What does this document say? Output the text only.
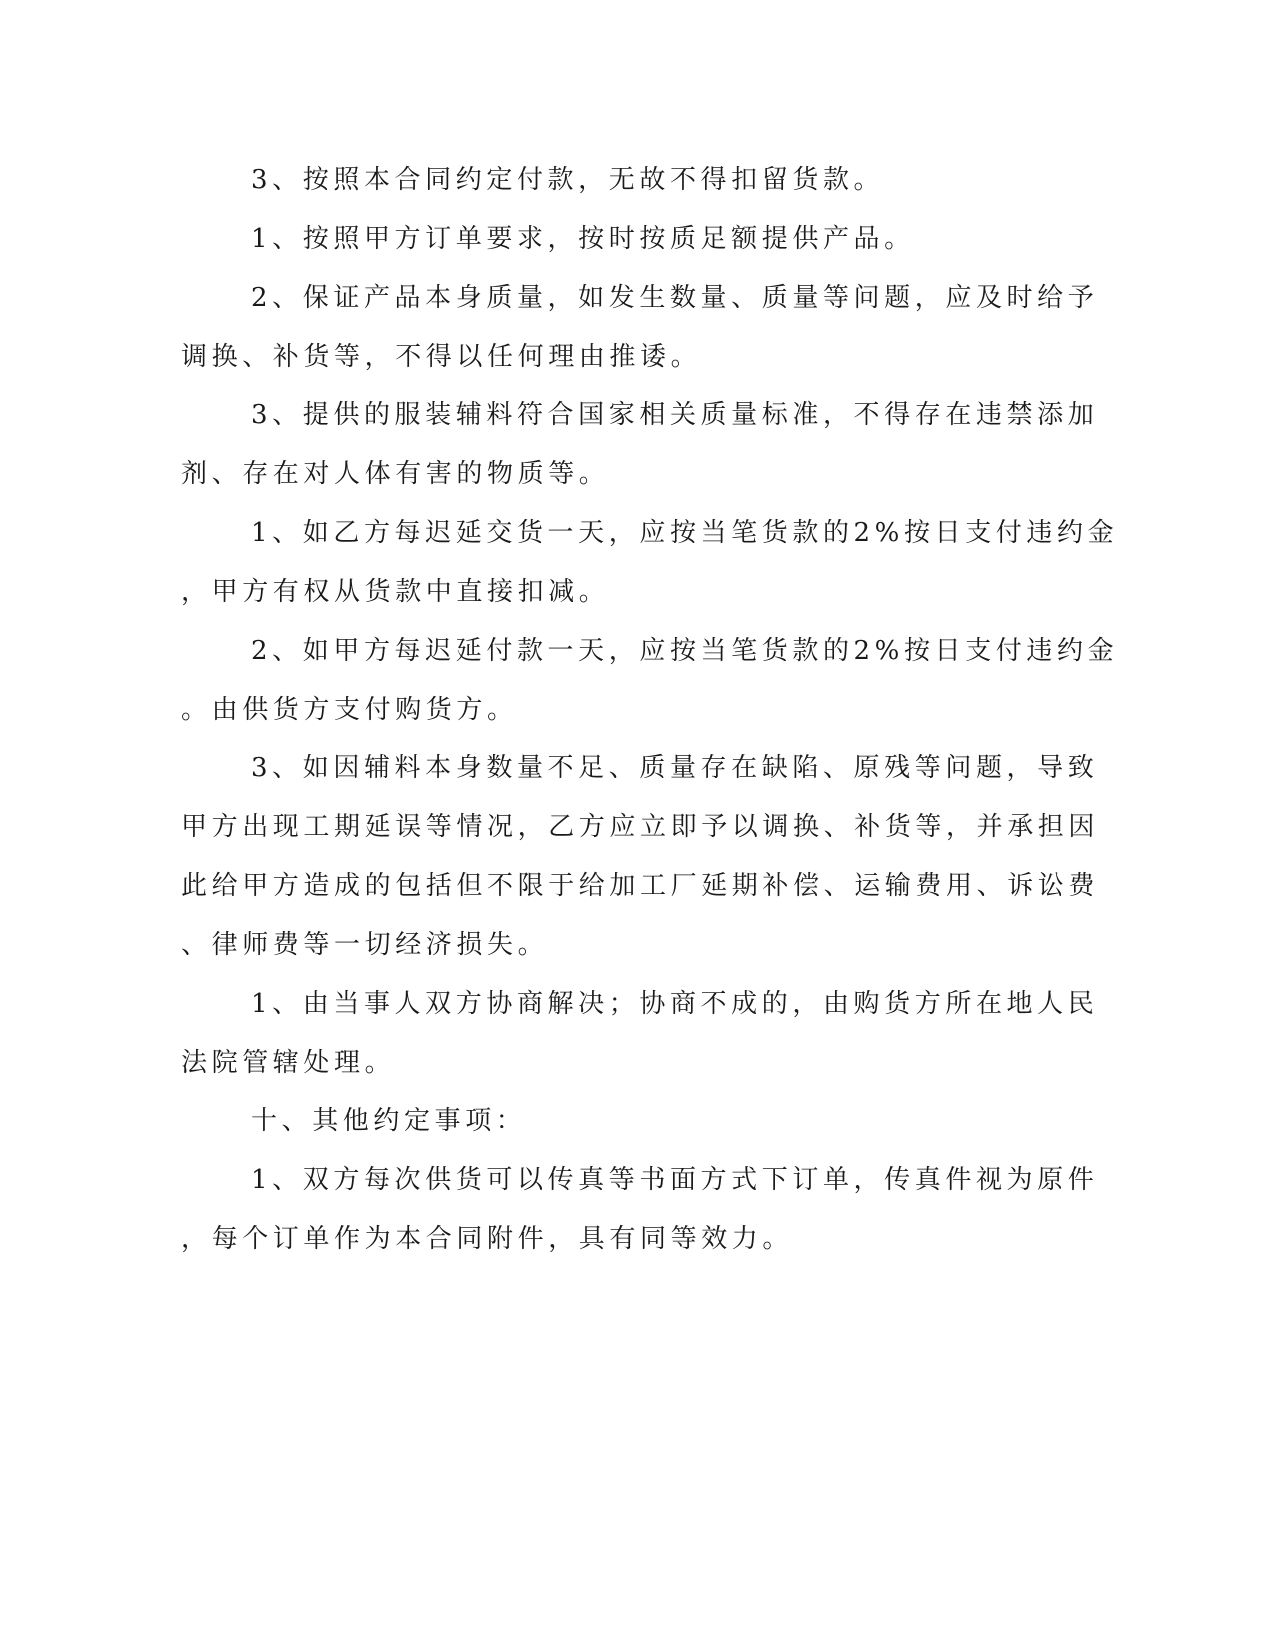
3、按照本合同约定付款，无故不得扣留货款。
1、按照甲方订单要求，按时按质足额提供产品。
2、保证产品本身质量，如发生数量、质量等问题，应及时给予
调换、补货等，不得以任何理由推诿。
3、提供的服装辅料符合国家相关质量标准，不得存在违禁添加
剂、存在对人体有害的物质等。
1、如乙方每迟延交货一天，应按当笔货款的2%按日支付违约金
，甲方有权从货款中直接扣减。
2、如甲方每迟延付款一天，应按当笔货款的2%按日支付违约金
。由供货方支付购货方。
3、如因辅料本身数量不足、质量存在缺陷、原残等问题，导致
甲方出现工期延误等情况，乙方应立即予以调换、补货等，并承担因
此给甲方造成的包括但不限于给加工厂延期补偿、运输费用、诉讼费
、律师费等一切经济损失。
1、由当事人双方协商解决；协商不成的，由购货方所在地人民
法院管辖处理。
十、其他约定事项：
1、双方每次供货可以传真等书面方式下订单，传真件视为原件
，每个订单作为本合同附件，具有同等效力。
